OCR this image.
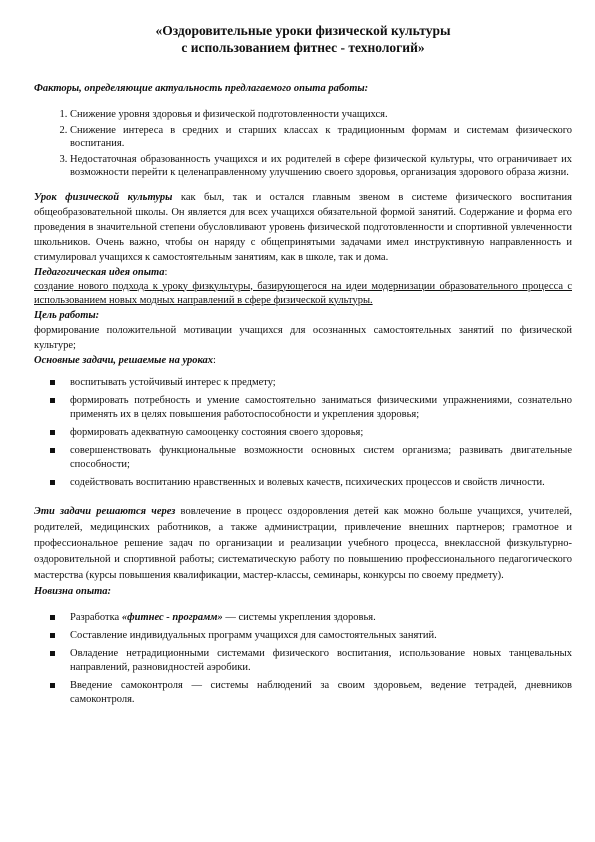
«Оздоровительные уроки физической культуры
с использованием фитнес - технологий»

Факторы, определяющие актуальность предлагаемого опыта работы:

1. Снижение уровня здоровья и физической подготовленности учащихся.
2. Снижение интереса в средних и старших классах к традиционным формам и системам физического воспитания.
3. Недостаточная образованность учащихся и их родителей в сфере физической культуры, что ограничивает их возможности перейти к целенаправленному улучшению своего здоровья, организация здорового образа жизни.

Урок физической культуры как был, так и остался главным звеном в системе физического воспитания общеобразовательной школы. Он является для всех учащихся обязательной формой занятий. Содержание и форма его проведения в значительной степени обусловливают уровень физической подготовленности и спортивной увлеченности школьников. Очень важно, чтобы он наряду с общепринятыми задачами имел инструктивную направленность и стимулировал учащихся к самостоятельным занятиям, как в школе, так и дома.

Педагогическая идея опыта:

создание нового подхода к уроку физкультуры, базирующегося на идеи модернизации образовательного процесса с использованием новых модных направлений в сфере физической культуры.

Цель работы:

формирование положительной мотивации учащихся для осознанных самостоятельных занятий по физической культуре;

Основные задачи, решаемые на уроках:

воспитывать устойчивый интерес к предмету;
формировать потребность и умение самостоятельно заниматься физическими упражнениями, сознательно применять их в целях повышения работоспособности и укрепления здоровья;
формировать адекватную самооценку состояния своего здоровья;
совершенствовать функциональные возможности основных систем организма; развивать двигательные способности;
содействовать воспитанию нравственных и волевых качеств, психических процессов и свойств личности.

Эти задачи решаются через вовлечение в процесс оздоровления детей как можно больше учащихся, учителей, родителей, медицинских работников, а также администрации, привлечение внешних партнеров; грамотное и профессиональное решение задач по организации и реализации учебного процесса, внеклассной физкультурно-оздоровительной и спортивной работы; систематическую работу по повышению профессионального педагогического мастерства (курсы повышения квалификации, мастер-классы, семинары, конкурсы по своему предмету).

Новизна опыта:

Разработка «фитнес - программ» — системы укрепления здоровья.
Составление индивидуальных программ учащихся для самостоятельных занятий.
Овладение нетрадиционными системами физического воспитания, использование новых танцевальных направлений, разновидностей аэробики.
Введение самоконтроля — системы наблюдений за своим здоровьем, ведение тетрадей, дневников самоконтроля.
